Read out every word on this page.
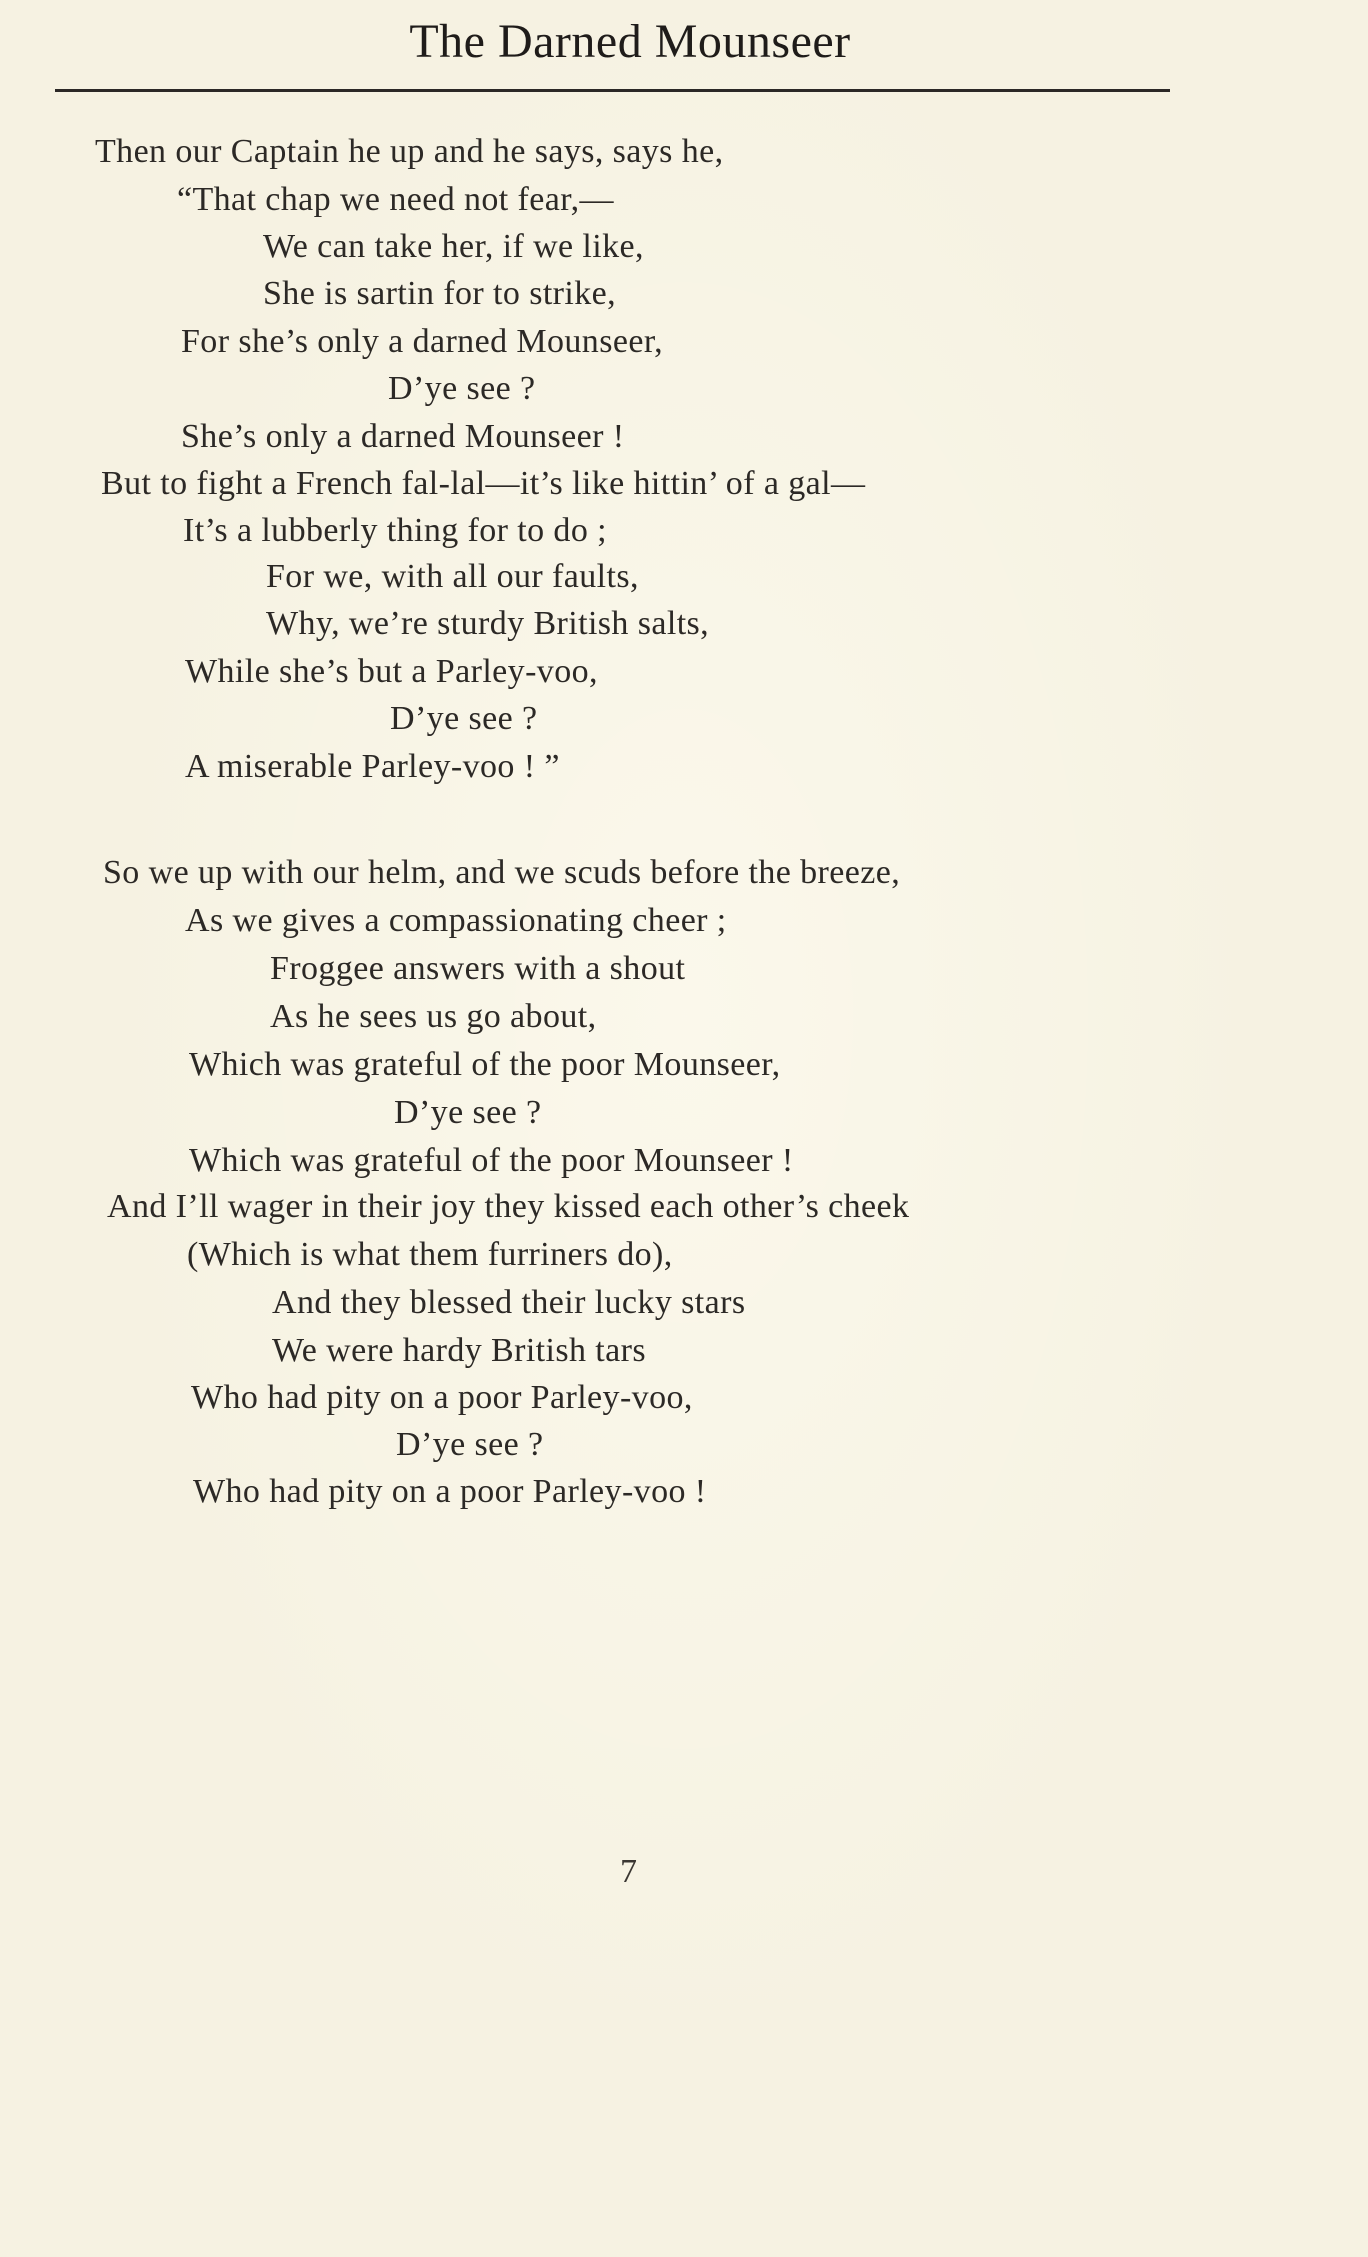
The Darned Mounseer
Then our Captain he up and he says, says he,
“That chap we need not fear,—
We can take her, if we like,
She is sartin for to strike,
For she’s only a darned Mounseer,
D’ye see ?
She’s only a darned Mounseer !
But to fight a French fal-lal—it’s like hittin’ of a gal—
It’s a lubberly thing for to do ;
For we, with all our faults,
Why, we’re sturdy British salts,
While she’s but a Parley-voo,
D’ye see ?
A miserable Parley-voo ! ”
So we up with our helm, and we scuds before the breeze,
As we gives a compassionating cheer ;
Froggee answers with a shout
As he sees us go about,
Which was grateful of the poor Mounseer,
D’ye see ?
Which was grateful of the poor Mounseer !
And I’ll wager in their joy they kissed each other’s cheek
(Which is what them furriners do),
And they blessed their lucky stars
We were hardy British tars
Who had pity on a poor Parley-voo,
D’ye see ?
Who had pity on a poor Parley-voo !
7
